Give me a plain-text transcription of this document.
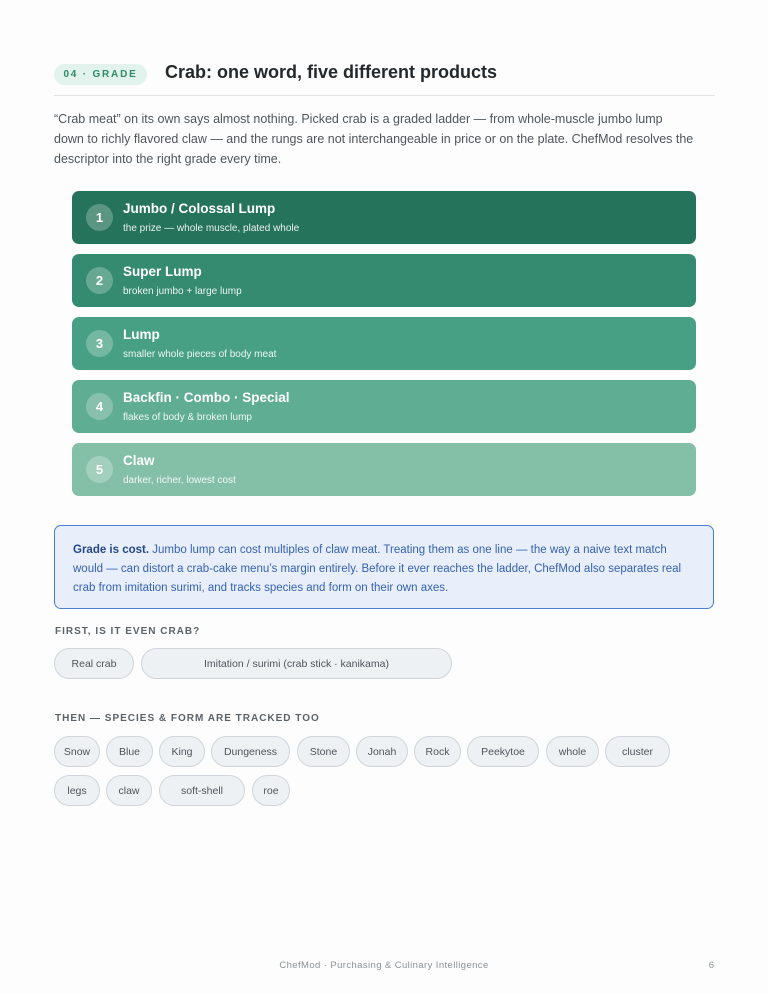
04 · GRADE	Crab: one word, five different products

“Crab meat” on its own says almost nothing. Picked crab is a graded ladder — from whole-muscle jumbo lump down to richly flavored claw — and the rungs are not interchangeable in price or on the plate. ChefMod resolves the descriptor into the right grade every time.

1
Jumbo / Colossal Lump
the prize — whole muscle, plated whole
2
Super Lump
broken jumbo + large lump
3
Lump
smaller whole pieces of body meat
4
Backfin · Combo · Special
flakes of body & broken lump
5
Claw
darker, richer, lowest cost
Grade is cost. Jumbo lump can cost multiples of claw meat. Treating them as one line — the way a naive text match would — can distort a crab-cake menu’s margin entirely. Before it ever reaches the ladder, ChefMod also separates real crab from imitation surimi, and tracks species and form on their own axes.
FIRST, IS IT EVEN CRAB?
Real crab	Imitation / surimi (crab stick · kanikama)
THEN — SPECIES & FORM ARE TRACKED TOO
Snow	Blue	King	Dungeness	Stone	Jonah	Rock	Peekytoe	whole	cluster
legs	claw	soft-shell	roe
ChefMod · Purchasing & Culinary Intelligence	6
